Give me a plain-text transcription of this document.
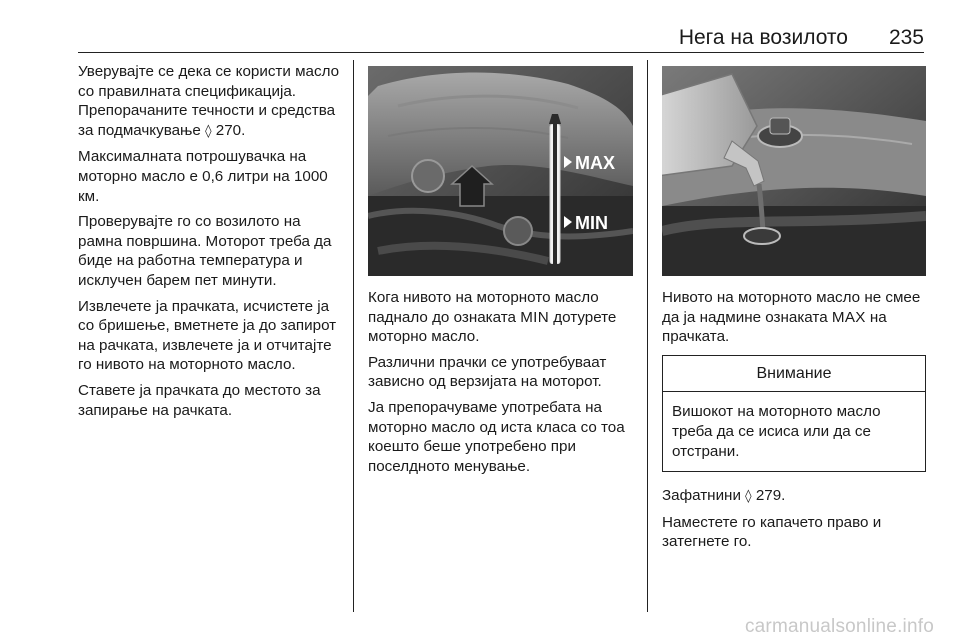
Нега на возилото 235

Уверувајте се дека се користи масло со правилната спецификација. Препорачаните течности и средства за подмачкување ◊ 270.

Максималната потрошувачка на моторно масло е 0,6 литри на 1000 км.

Проверувајте го со возилото на рамна површина. Моторот треба да биде на работна температура и исклучен барем пет минути.

Извлечете ја прачката, исчистете ја со бришење, вметнете ја до запирот на рачката, извлечете ја и отчитајте го нивото на моторното масло.

Ставете ја прачката до местото за запирање на рачката.

MAX
MIN

Кога нивото на моторното масло паднало до ознаката MIN дотурете моторно масло.

Различни прачки се употребуваат зависно од верзијата на моторот.

Ја препорачуваме употребата на моторно масло од иста класа со тоа коешто беше употребено при поселдното менување.

Нивото на моторното масло не смее да ја надмине ознаката MAX на прачката.

Внимание
Вишокот на моторното масло треба да се исиса или да се отстрани.

Зафатнини ◊ 279.

Наместете го капачето право и затегнете го.

carmanualsonline.info
